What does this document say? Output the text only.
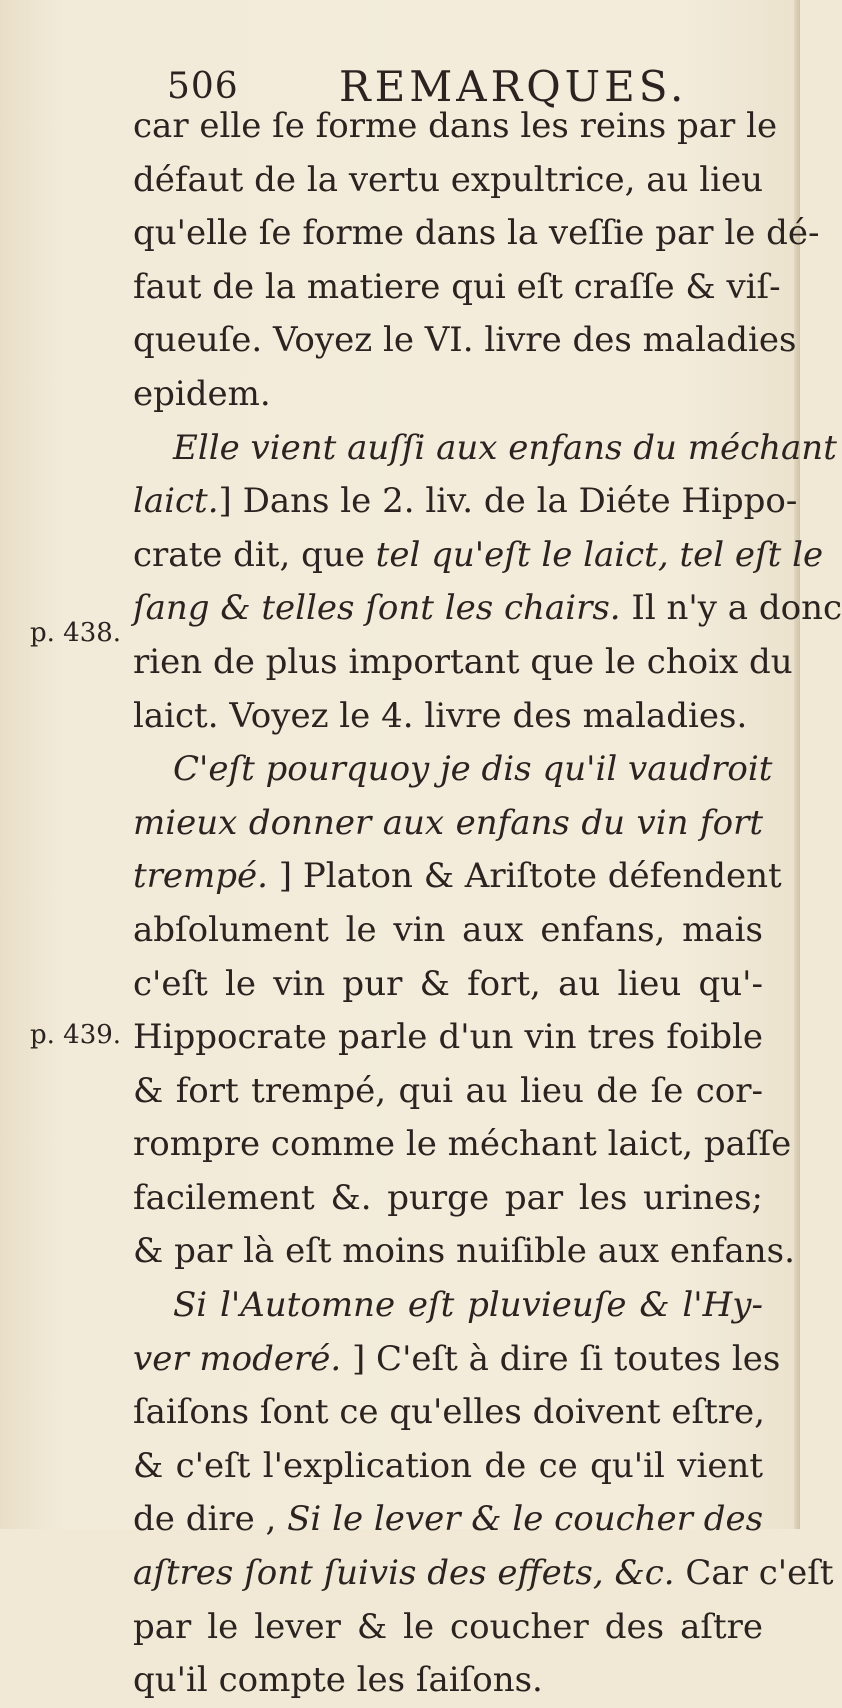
506 REMARQUES.
p. 438.
p. 439.
car elle ſe forme dans les reins par le
défaut de la vertu expultrice, au lieu
qu'elle ſe forme dans la veſſie par le dé-
faut de la matiere qui eſt craſſe & viſ-
queuſe. Voyez le VI. livre des maladies
epidem.
Elle vient auſſi aux enfans du méchant
laict.] Dans le 2. liv. de la Diéte Hippo-
crate dit, que tel qu'eſt le laict, tel eſt le
ſang & telles ſont les chairs. Il n'y a donc
rien de plus important que le choix du
laict. Voyez le 4. livre des maladies.
C'eſt pourquoy je dis qu'il vaudroit
mieux donner aux enfans du vin fort
trempé. ] Platon & Ariſtote défendent
abſolument le vin aux enfans, mais
c'eſt le vin pur & fort, au lieu qu'-
Hippocrate parle d'un vin tres foible
& fort trempé, qui au lieu de ſe cor-
rompre comme le méchant laict, paſſe
facilement &. purge par les urines;
& par là eſt moins nuiſible aux enfans.
Si l'Automne eſt pluvieuſe & l'Hy-
ver moderé. ] C'eſt à dire ſi toutes les
ſaiſons ſont ce qu'elles doivent eſtre,
& c'eſt l'explication de ce qu'il vient
de dire , Si le lever & le coucher des
aſtres ſont ſuivis des effets, &c. Car c'eſt
par le lever & le coucher des aſtre
qu'il compte les ſaiſons.
